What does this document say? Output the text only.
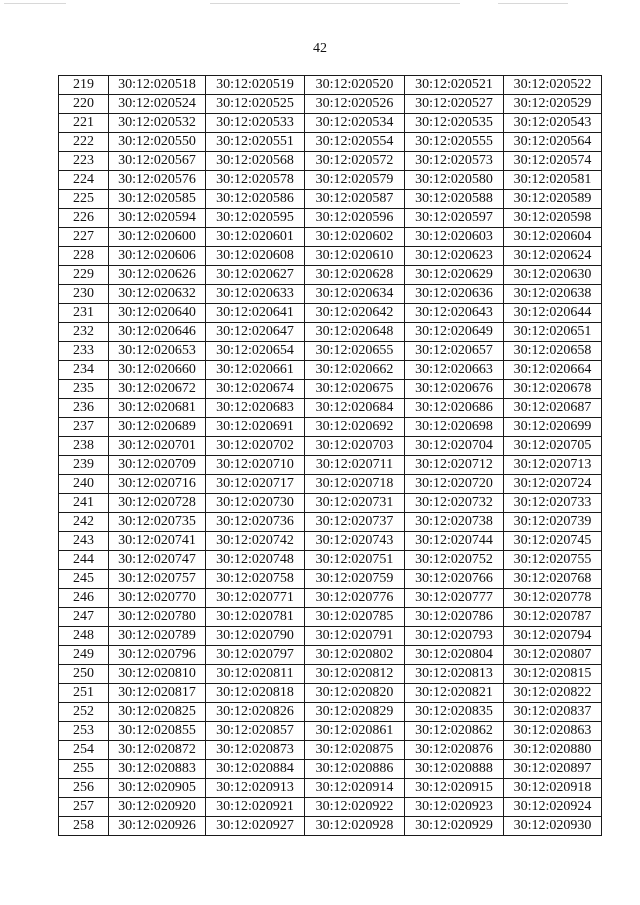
42
219	30:12:020518	30:12:020519	30:12:020520	30:12:020521	30:12:020522
220	30:12:020524	30:12:020525	30:12:020526	30:12:020527	30:12:020529
221	30:12:020532	30:12:020533	30:12:020534	30:12:020535	30:12:020543
222	30:12:020550	30:12:020551	30:12:020554	30:12:020555	30:12:020564
223	30:12:020567	30:12:020568	30:12:020572	30:12:020573	30:12:020574
224	30:12:020576	30:12:020578	30:12:020579	30:12:020580	30:12:020581
225	30:12:020585	30:12:020586	30:12:020587	30:12:020588	30:12:020589
226	30:12:020594	30:12:020595	30:12:020596	30:12:020597	30:12:020598
227	30:12:020600	30:12:020601	30:12:020602	30:12:020603	30:12:020604
228	30:12:020606	30:12:020608	30:12:020610	30:12:020623	30:12:020624
229	30:12:020626	30:12:020627	30:12:020628	30:12:020629	30:12:020630
230	30:12:020632	30:12:020633	30:12:020634	30:12:020636	30:12:020638
231	30:12:020640	30:12:020641	30:12:020642	30:12:020643	30:12:020644
232	30:12:020646	30:12:020647	30:12:020648	30:12:020649	30:12:020651
233	30:12:020653	30:12:020654	30:12:020655	30:12:020657	30:12:020658
234	30:12:020660	30:12:020661	30:12:020662	30:12:020663	30:12:020664
235	30:12:020672	30:12:020674	30:12:020675	30:12:020676	30:12:020678
236	30:12:020681	30:12:020683	30:12:020684	30:12:020686	30:12:020687
237	30:12:020689	30:12:020691	30:12:020692	30:12:020698	30:12:020699
238	30:12:020701	30:12:020702	30:12:020703	30:12:020704	30:12:020705
239	30:12:020709	30:12:020710	30:12:020711	30:12:020712	30:12:020713
240	30:12:020716	30:12:020717	30:12:020718	30:12:020720	30:12:020724
241	30:12:020728	30:12:020730	30:12:020731	30:12:020732	30:12:020733
242	30:12:020735	30:12:020736	30:12:020737	30:12:020738	30:12:020739
243	30:12:020741	30:12:020742	30:12:020743	30:12:020744	30:12:020745
244	30:12:020747	30:12:020748	30:12:020751	30:12:020752	30:12:020755
245	30:12:020757	30:12:020758	30:12:020759	30:12:020766	30:12:020768
246	30:12:020770	30:12:020771	30:12:020776	30:12:020777	30:12:020778
247	30:12:020780	30:12:020781	30:12:020785	30:12:020786	30:12:020787
248	30:12:020789	30:12:020790	30:12:020791	30:12:020793	30:12:020794
249	30:12:020796	30:12:020797	30:12:020802	30:12:020804	30:12:020807
250	30:12:020810	30:12:020811	30:12:020812	30:12:020813	30:12:020815
251	30:12:020817	30:12:020818	30:12:020820	30:12:020821	30:12:020822
252	30:12:020825	30:12:020826	30:12:020829	30:12:020835	30:12:020837
253	30:12:020855	30:12:020857	30:12:020861	30:12:020862	30:12:020863
254	30:12:020872	30:12:020873	30:12:020875	30:12:020876	30:12:020880
255	30:12:020883	30:12:020884	30:12:020886	30:12:020888	30:12:020897
256	30:12:020905	30:12:020913	30:12:020914	30:12:020915	30:12:020918
257	30:12:020920	30:12:020921	30:12:020922	30:12:020923	30:12:020924
258	30:12:020926	30:12:020927	30:12:020928	30:12:020929	30:12:020930
